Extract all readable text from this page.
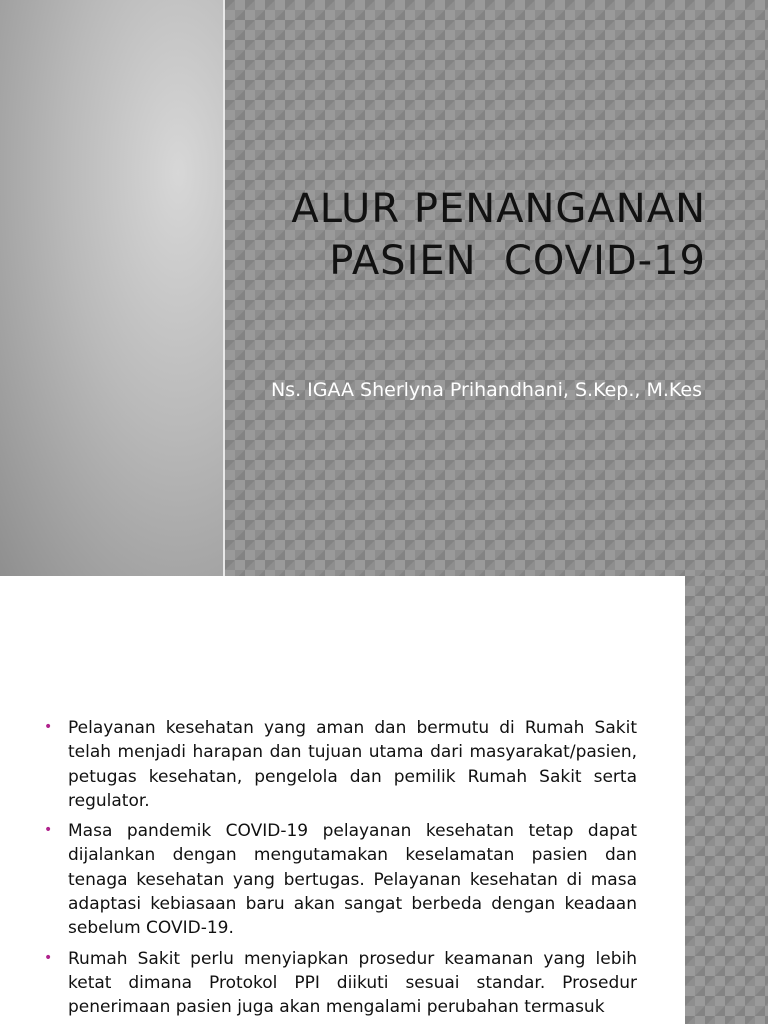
ALUR PENANGANAN
PASIEN  COVID-19

Ns. IGAA Sherlyna Prihandhani, S.Kep., M.Kes

• Pelayanan kesehatan yang aman dan bermutu di Rumah Sakit telah menjadi harapan dan tujuan utama dari masyarakat/pasien, petugas kesehatan, pengelola dan pemilik Rumah Sakit serta regulator.
• Masa pandemik COVID-19 pelayanan kesehatan tetap dapat dijalankan dengan mengutamakan keselamatan pasien dan tenaga kesehatan yang bertugas. Pelayanan kesehatan di masa adaptasi kebiasaan baru akan sangat berbeda dengan keadaan sebelum COVID-19.
• Rumah Sakit perlu menyiapkan prosedur keamanan yang lebih ketat dimana Protokol PPI diikuti sesuai standar. Prosedur penerimaan pasien juga akan mengalami perubahan termasuk
